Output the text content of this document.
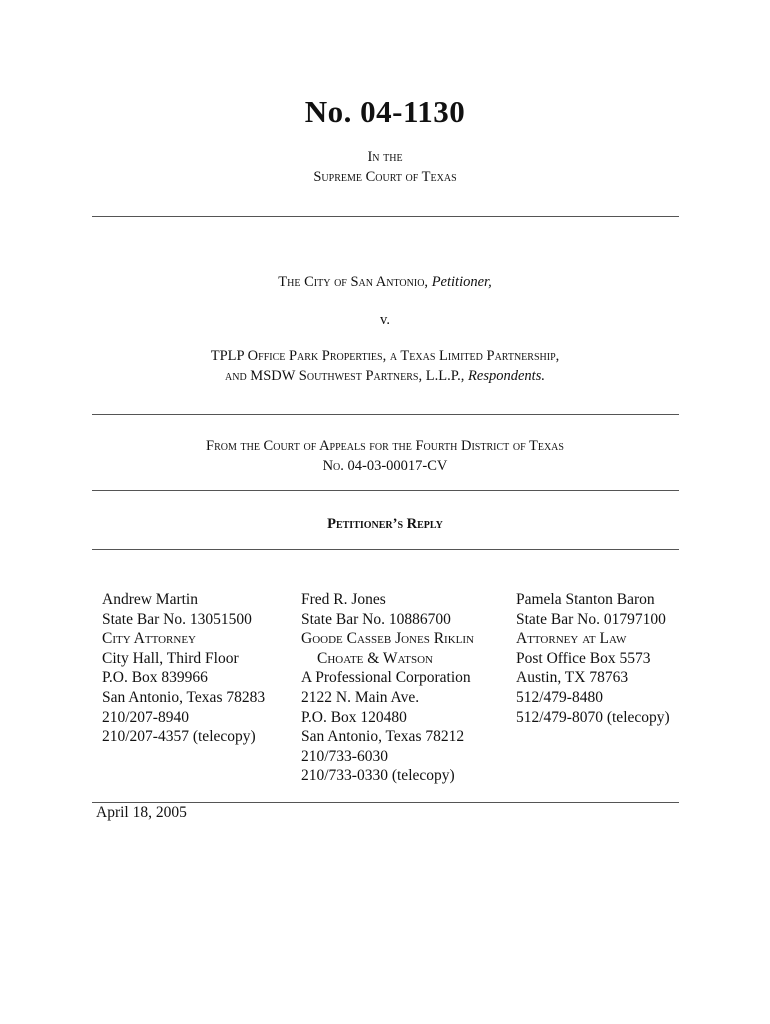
No. 04-1130
In the
Supreme Court of Texas
The City of San Antonio, Petitioner,
v.
TPLP Office Park Properties, a Texas Limited Partnership,
and MSDW Southwest Partners, L.L.P., Respondents.
From the Court of Appeals for the Fourth District of Texas
No. 04-03-00017-CV
Petitioner’s Reply
Andrew Martin
State Bar No. 13051500
City Attorney
City Hall, Third Floor
P.O. Box 839966
San Antonio, Texas 78283
210/207-8940
210/207-4357 (telecopy)
Fred R. Jones
State Bar No. 10886700
Goode Casseb Jones Riklin
Choate & Watson
A Professional Corporation
2122 N. Main Ave.
P.O. Box 120480
San Antonio, Texas 78212
210/733-6030
210/733-0330 (telecopy)
Pamela Stanton Baron
State Bar No. 01797100
Attorney at Law
Post Office Box 5573
Austin, TX 78763
512/479-8480
512/479-8070 (telecopy)
April 18, 2005
